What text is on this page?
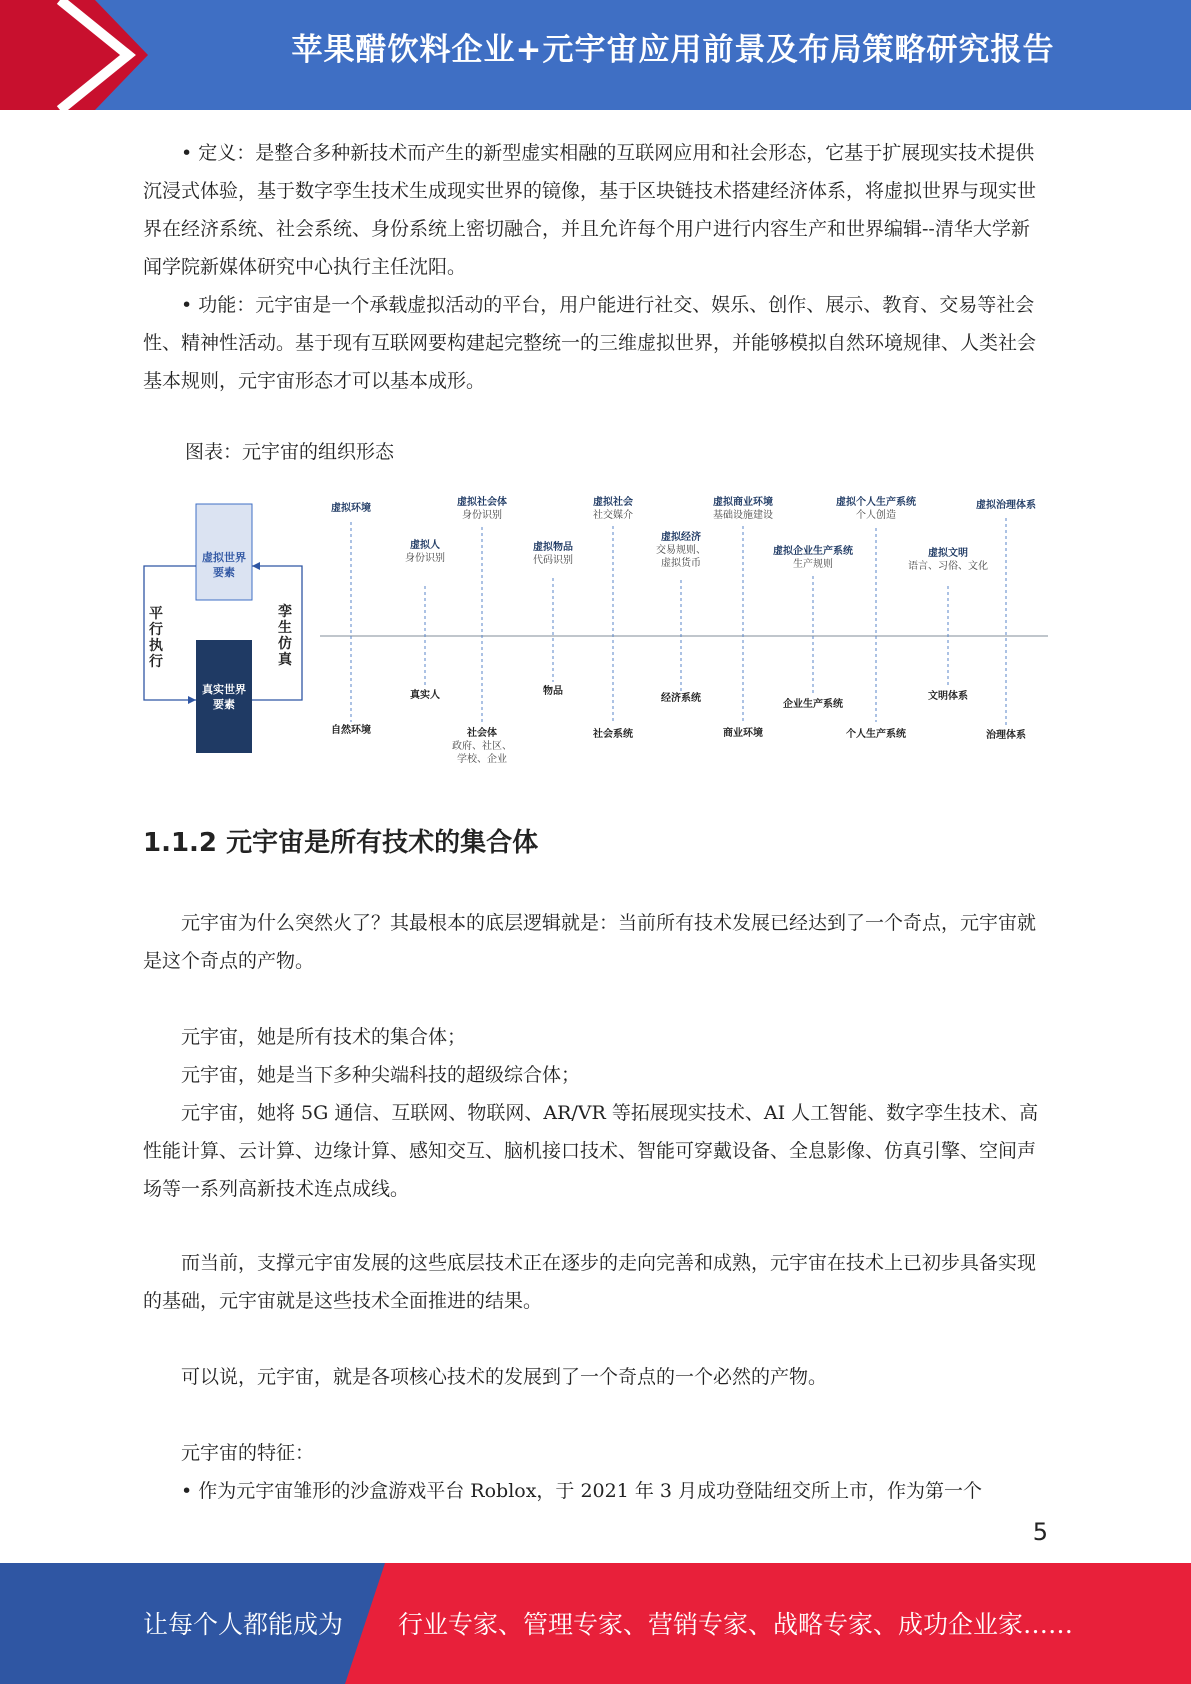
苹果醋饮料企业+元宇宙应用前景及布局策略研究报告

• 定义：是整合多种新技术而产生的新型虚实相融的互联网应用和社会形态，它基于扩展现实技术提供沉浸式体验，基于数字孪生技术生成现实世界的镜像，基于区块链技术搭建经济体系，将虚拟世界与现实世界在经济系统、社会系统、身份系统上密切融合，并且允许每个用户进行内容生产和世界编辑--清华大学新闻学院新媒体研究中心执行主任沈阳。

• 功能：元宇宙是一个承载虚拟活动的平台，用户能进行社交、娱乐、创作、展示、教育、交易等社会性、精神性活动。基于现有互联网要构建起完整统一的三维虚拟世界，并能够模拟自然环境规律、人类社会基本规则，元宇宙形态才可以基本成形。

图表：元宇宙的组织形态

虚拟世界
要素
真实世界
要素
平
行
执
行
孪
生
仿
真
虚拟环境
虚拟人
身份识别
虚拟社会体
身份识别
虚拟物品
代码识别
虚拟社会
社交媒介
虚拟经济
交易规则、
虚拟货币
虚拟商业环境
基础设施建设
虚拟企业生产系统
生产规则
虚拟个人生产系统
个人创造
虚拟文明
语言、习俗、文化
虚拟治理体系
自然环境
真实人
社会体
政府、社区、
学校、企业
物品
社会系统
经济系统
商业环境
企业生产系统
个人生产系统
文明体系
治理体系
1.1.2 元宇宙是所有技术的集合体

元宇宙为什么突然火了？其最根本的底层逻辑就是：当前所有技术发展已经达到了一个奇点，元宇宙就是这个奇点的产物。

元宇宙，她是所有技术的集合体；

元宇宙，她是当下多种尖端科技的超级综合体；

元宇宙，她将 5G 通信、互联网、物联网、AR/VR 等拓展现实技术、AI 人工智能、数字孪生技术、高性能计算、云计算、边缘计算、感知交互、脑机接口技术、智能可穿戴设备、全息影像、仿真引擎、空间声场等一系列高新技术连点成线。

而当前，支撑元宇宙发展的这些底层技术正在逐步的走向完善和成熟，元宇宙在技术上已初步具备实现的基础，元宇宙就是这些技术全面推进的结果。

可以说，元宇宙，就是各项核心技术的发展到了一个奇点的一个必然的产物。

元宇宙的特征：

• 作为元宇宙雏形的沙盒游戏平台 Roblox，于 2021 年 3 月成功登陆纽交所上市，作为第一个

5
让每个人都能成为 行业专家、管理专家、营销专家、战略专家、成功企业家……
